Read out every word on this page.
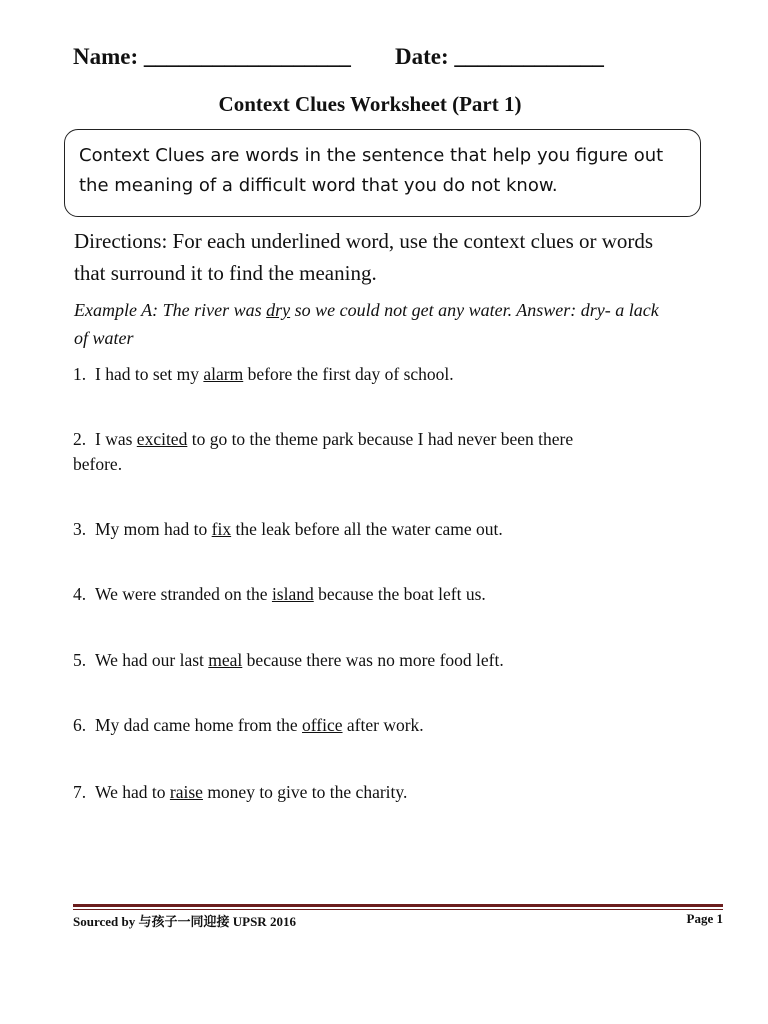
Name: __________________ Date: _____________
Context Clues Worksheet (Part 1)
Context Clues are words in the sentence that help you figure out the meaning of a difficult word that you do not know.
Directions: For each underlined word, use the context clues or words that surround it to find the meaning.
Example A: The river was dry so we could not get any water. Answer: dry- a lack of water
1. I had to set my alarm before the first day of school.
______________________________________________________
2. I was excited to go to the theme park because I had never been there before.
______________________________________________________
3. My mom had to fix the leak before all the water came out.
______________________________________________________
4. We were stranded on the island because the boat left us.
______________________________________________________
5. We had our last meal because there was no more food left.
______________________________________________________
6. My dad came home from the office after work.
______________________________________________________
7. We had to raise money to give to the charity.
______________________________________________________
Sourced by 与孩子一同迎接 UPSR 2016	Page 1
